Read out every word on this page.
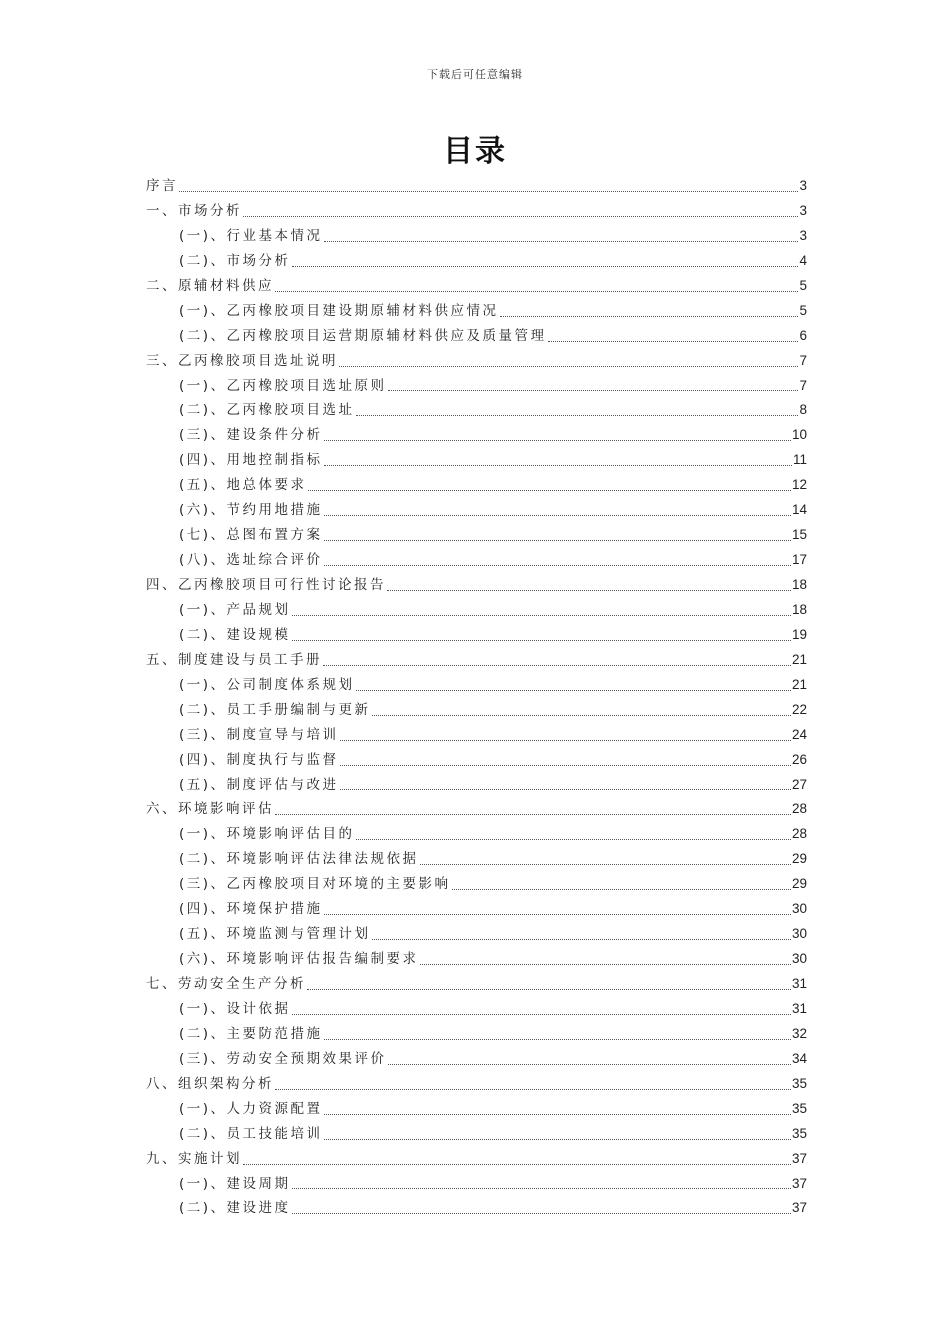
下载后可任意编辑
目录
序言	3
一、市场分析	3
(一)、行业基本情况	3
(二)、市场分析	4
二、原辅材料供应	5
(一)、乙丙橡胶项目建设期原辅材料供应情况	5
(二)、乙丙橡胶项目运营期原辅材料供应及质量管理	6
三、乙丙橡胶项目选址说明	7
(一)、乙丙橡胶项目选址原则	7
(二)、乙丙橡胶项目选址	8
(三)、建设条件分析	10
(四)、用地控制指标	11
(五)、地总体要求	12
(六)、节约用地措施	14
(七)、总图布置方案	15
(八)、选址综合评价	17
四、乙丙橡胶项目可行性讨论报告	18
(一)、产品规划	18
(二)、建设规模	19
五、制度建设与员工手册	21
(一)、公司制度体系规划	21
(二)、员工手册编制与更新	22
(三)、制度宣导与培训	24
(四)、制度执行与监督	26
(五)、制度评估与改进	27
六、环境影响评估	28
(一)、环境影响评估目的	28
(二)、环境影响评估法律法规依据	29
(三)、乙丙橡胶项目对环境的主要影响	29
(四)、环境保护措施	30
(五)、环境监测与管理计划	30
(六)、环境影响评估报告编制要求	30
七、劳动安全生产分析	31
(一)、设计依据	31
(二)、主要防范措施	32
(三)、劳动安全预期效果评价	34
八、组织架构分析	35
(一)、人力资源配置	35
(二)、员工技能培训	35
九、实施计划	37
(一)、建设周期	37
(二)、建设进度	37
